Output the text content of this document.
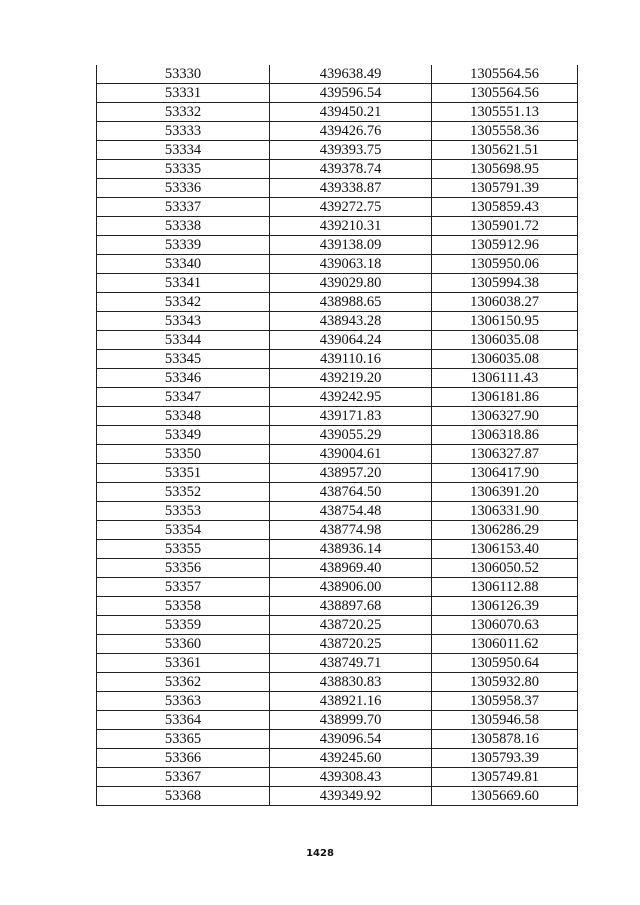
53330	439638.49	1305564.56
53331	439596.54	1305564.56
53332	439450.21	1305551.13
53333	439426.76	1305558.36
53334	439393.75	1305621.51
53335	439378.74	1305698.95
53336	439338.87	1305791.39
53337	439272.75	1305859.43
53338	439210.31	1305901.72
53339	439138.09	1305912.96
53340	439063.18	1305950.06
53341	439029.80	1305994.38
53342	438988.65	1306038.27
53343	438943.28	1306150.95
53344	439064.24	1306035.08
53345	439110.16	1306035.08
53346	439219.20	1306111.43
53347	439242.95	1306181.86
53348	439171.83	1306327.90
53349	439055.29	1306318.86
53350	439004.61	1306327.87
53351	438957.20	1306417.90
53352	438764.50	1306391.20
53353	438754.48	1306331.90
53354	438774.98	1306286.29
53355	438936.14	1306153.40
53356	438969.40	1306050.52
53357	438906.00	1306112.88
53358	438897.68	1306126.39
53359	438720.25	1306070.63
53360	438720.25	1306011.62
53361	438749.71	1305950.64
53362	438830.83	1305932.80
53363	438921.16	1305958.37
53364	438999.70	1305946.58
53365	439096.54	1305878.16
53366	439245.60	1305793.39
53367	439308.43	1305749.81
53368	439349.92	1305669.60
1428
